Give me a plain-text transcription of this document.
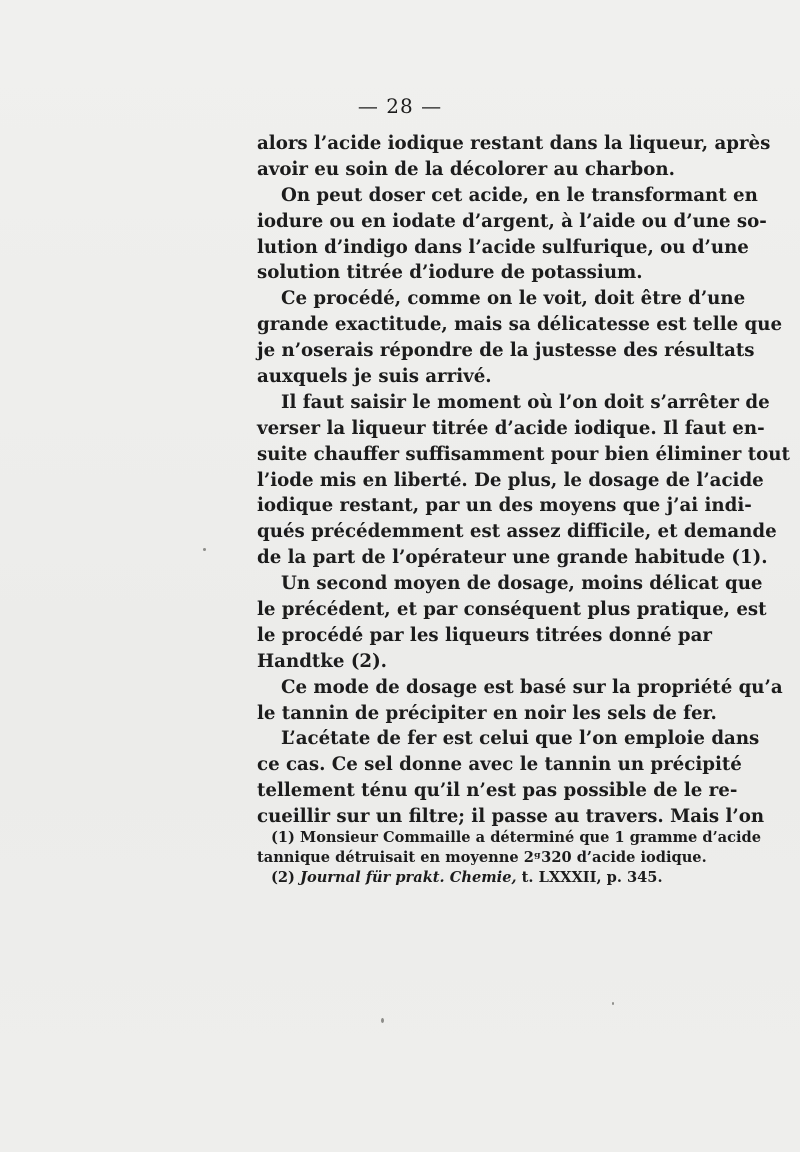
— 28 —
alors l’acide iodique restant dans la liqueur, après
avoir eu soin de la décolorer au charbon.
On peut doser cet acide, en le transformant en
iodure ou en iodate d’argent, à l’aide ou d’une so-
lution d’indigo dans l’acide sulfurique, ou d’une
solution titrée d’iodure de potassium.
Ce procédé, comme on le voit, doit être d’une
grande exactitude, mais sa délicatesse est telle que
je n’oserais répondre de la justesse des résultats
auxquels je suis arrivé.
Il faut saisir le moment où l’on doit s’arrêter de
verser la liqueur titrée d’acide iodique. Il faut en-
suite chauffer suffisamment pour bien éliminer tout
l’iode mis en liberté. De plus, le dosage de l’acide
iodique restant, par un des moyens que j’ai indi-
qués précédemment est assez difficile, et demande
de la part de l’opérateur une grande habitude (1).
Un second moyen de dosage, moins délicat que
le précédent, et par conséquent plus pratique, est
le procédé par les liqueurs titrées donné par
Handtke (2).
Ce mode de dosage est basé sur la propriété qu’a
le tannin de précipiter en noir les sels de fer.
L’acétate de fer est celui que l’on emploie dans
ce cas. Ce sel donne avec le tannin un précipité
tellement ténu qu’il n’est pas possible de le re-
cueillir sur un filtre; il passe au travers. Mais l’on
(1) Monsieur Commaille a déterminé que 1 gramme d’acide
tannique détruisait en moyenne 2ᵍ320 d’acide iodique.
(2) Journal für prakt. Chemie, t. LXXXII, p. 345.
